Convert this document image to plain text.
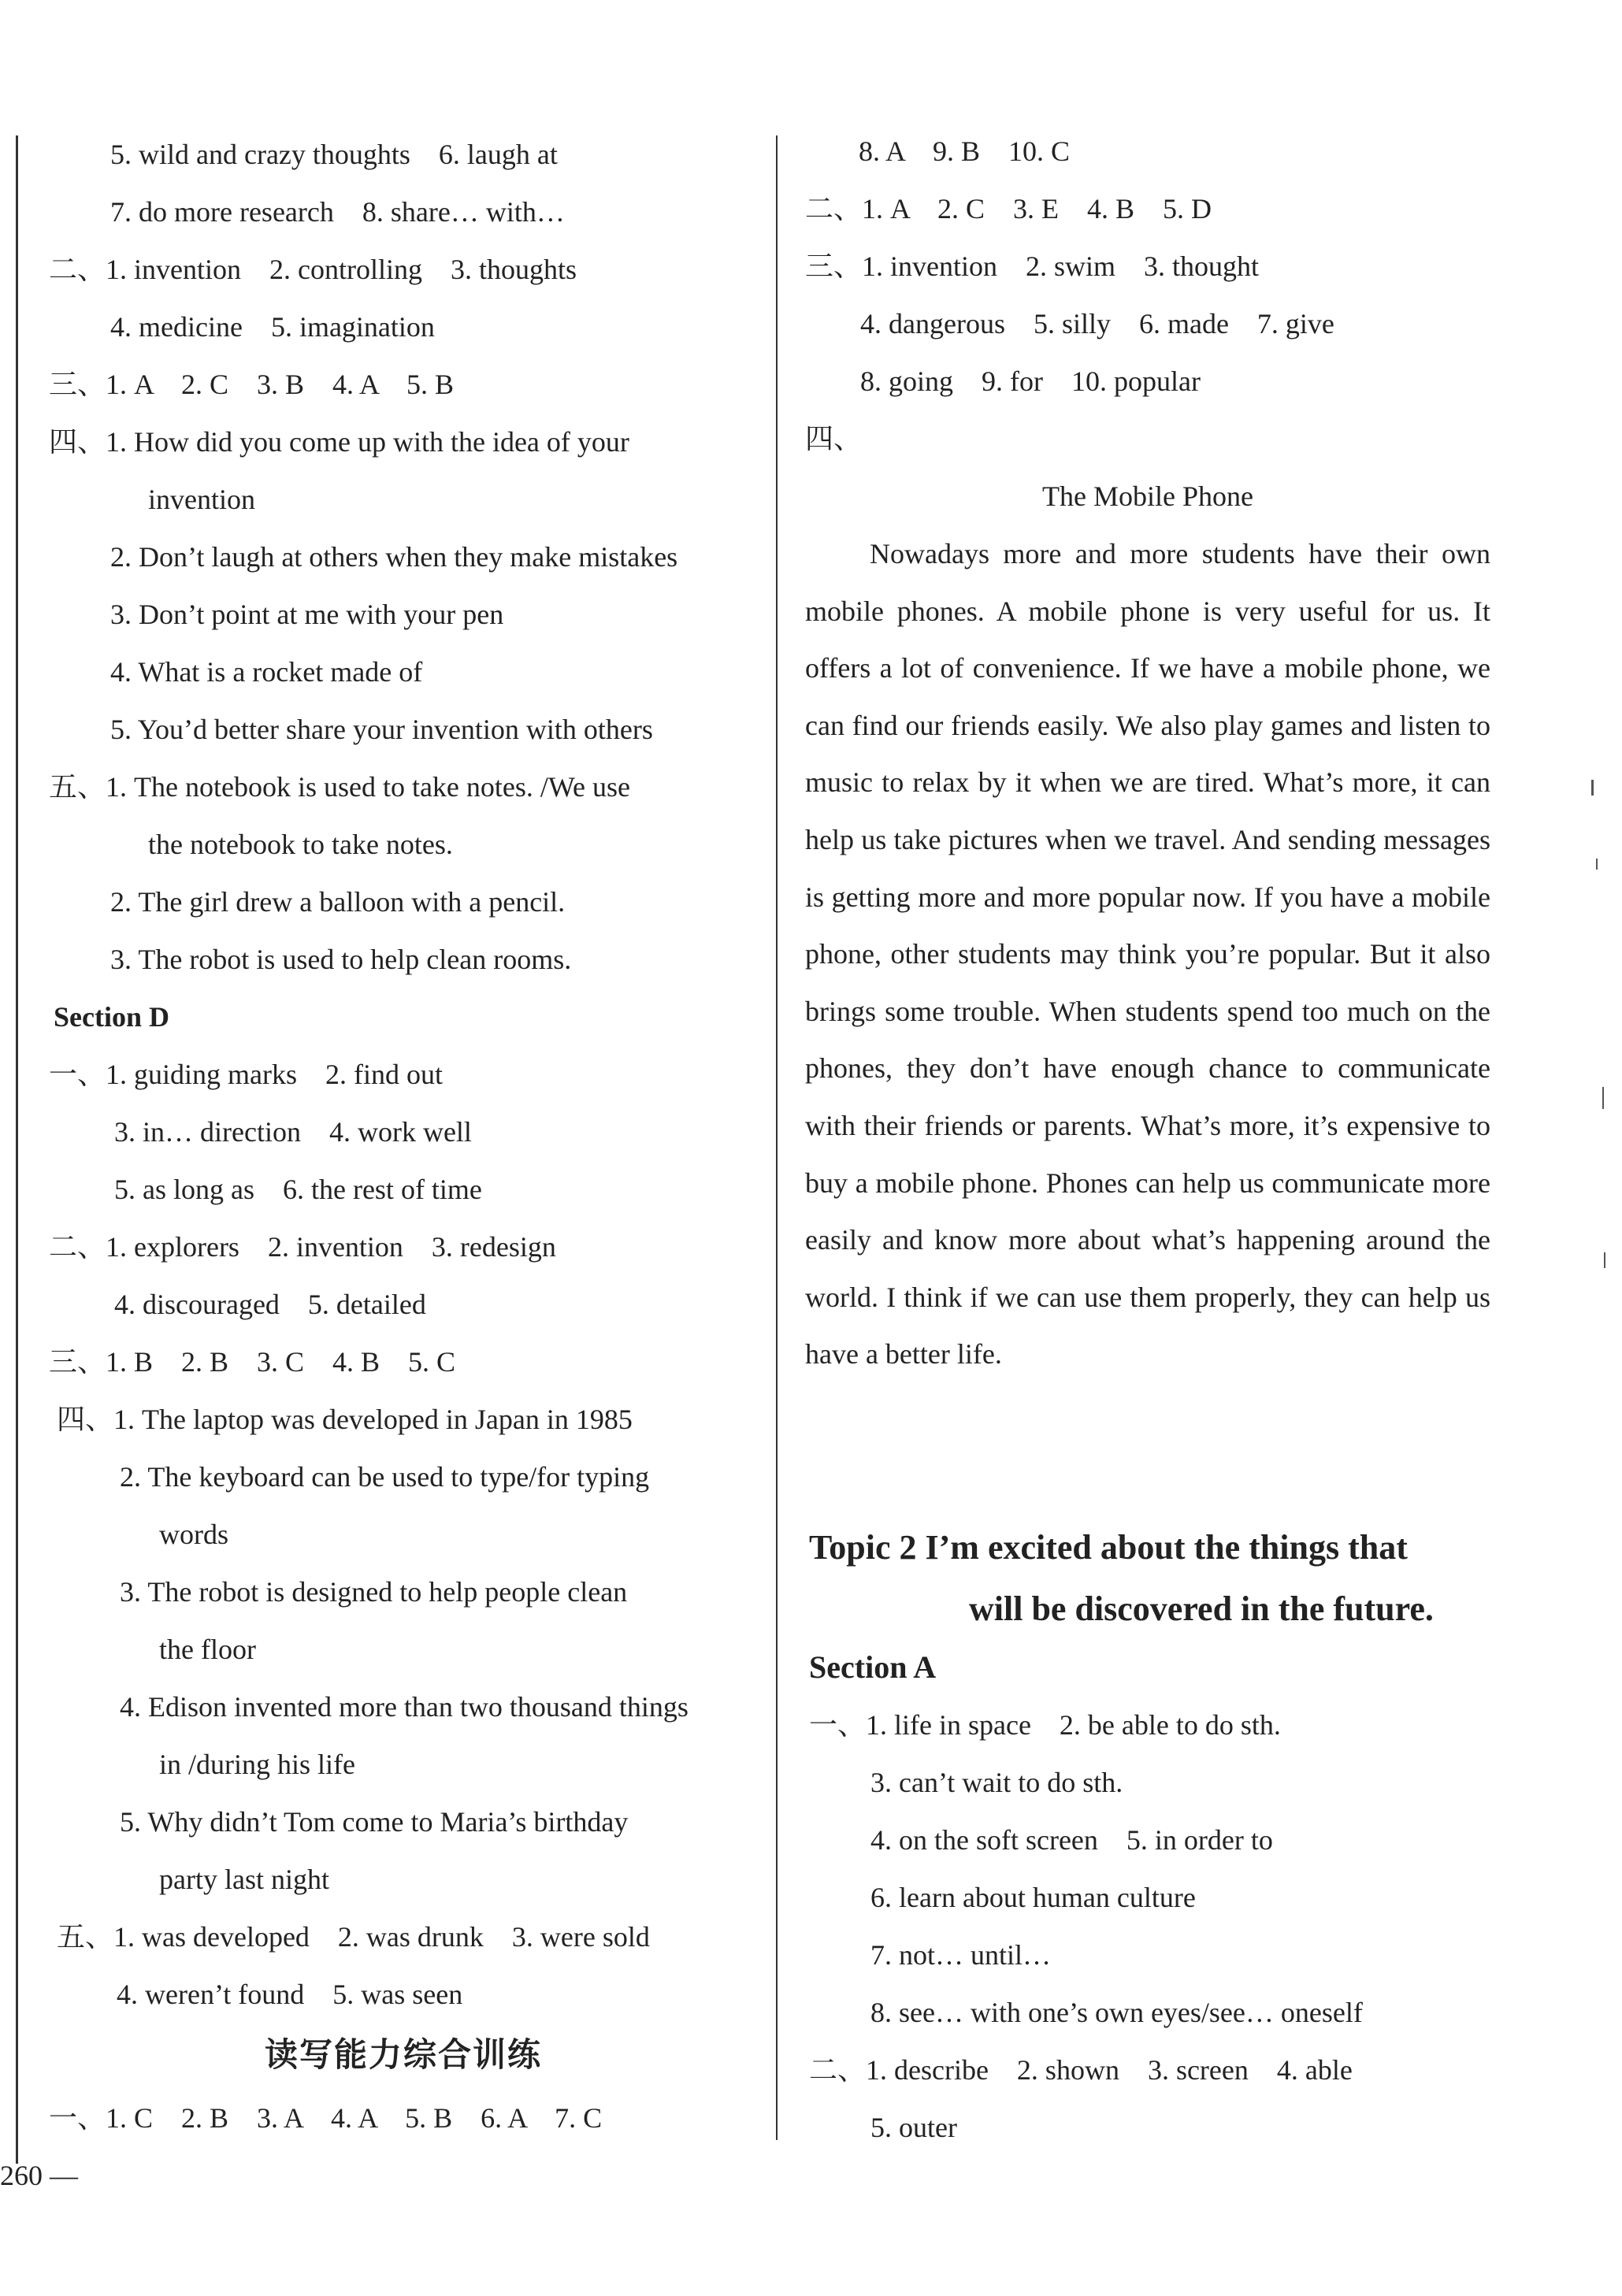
5. wild and crazy thoughts    6. laugh at
7. do more research    8. share… with…
二、1. invention    2. controlling    3. thoughts
4. medicine    5. imagination
三、1. A    2. C    3. B    4. A    5. B
四、1. How did you come up with the idea of your
invention
2. Don’t laugh at others when they make mistakes
3. Don’t point at me with your pen
4. What is a rocket made of
5. You’d better share your invention with others
五、1. The notebook is used to take notes. /We use
the notebook to take notes.
2. The girl drew a balloon with a pencil.
3. The robot is used to help clean rooms.
Section D
一、1. guiding marks    2. find out
3. in… direction    4. work well
5. as long as    6. the rest of time
二、1. explorers    2. invention    3. redesign
4. discouraged    5. detailed
三、1. B    2. B    3. C    4. B    5. C
四、1. The laptop was developed in Japan in 1985
2. The keyboard can be used to type/for typing
words
3. The robot is designed to help people clean
the floor
4. Edison invented more than two thousand things
in /during his life
5. Why didn’t Tom come to Maria’s birthday
party last night
五、1. was developed    2. was drunk    3. were sold
4. weren’t found    5. was seen
读写能力综合训练
一、1. C    2. B    3. A    4. A    5. B    6. A    7. C
260 —
8. A    9. B    10. C
二、1. A    2. C    3. E    4. B    5. D
三、1. invention    2. swim    3. thought
4. dangerous    5. silly    6. made    7. give
8. going    9. for    10. popular
四、
The Mobile Phone
Nowadays more and more students have their own mobile phones. A mobile phone is very useful for us. It offers a lot of convenience. If we have a mobile phone, we can find our friends easily. We also play games and listen to music to relax by it when we are tired. What’s more, it can help us take pictures when we travel. And sending messages is getting more and more popular now. If you have a mobile phone, other students may think you’re popular. But it also brings some trouble. When students spend too much on the phones, they don’t have enough chance to communicate with their friends or parents. What’s more, it’s expensive to buy a mobile phone. Phones can help us communicate more easily and know more about what’s happening around the world. I think if we can use them properly, they can help us have a better life.
Topic 2 I’m excited about the things that
will be discovered in the future.
Section A
一、1. life in space    2. be able to do sth.
3. can’t wait to do sth.
4. on the soft screen    5. in order to
6. learn about human culture
7. not… until…
8. see… with one’s own eyes/see… oneself
二、1. describe    2. shown    3. screen    4. able
5. outer
